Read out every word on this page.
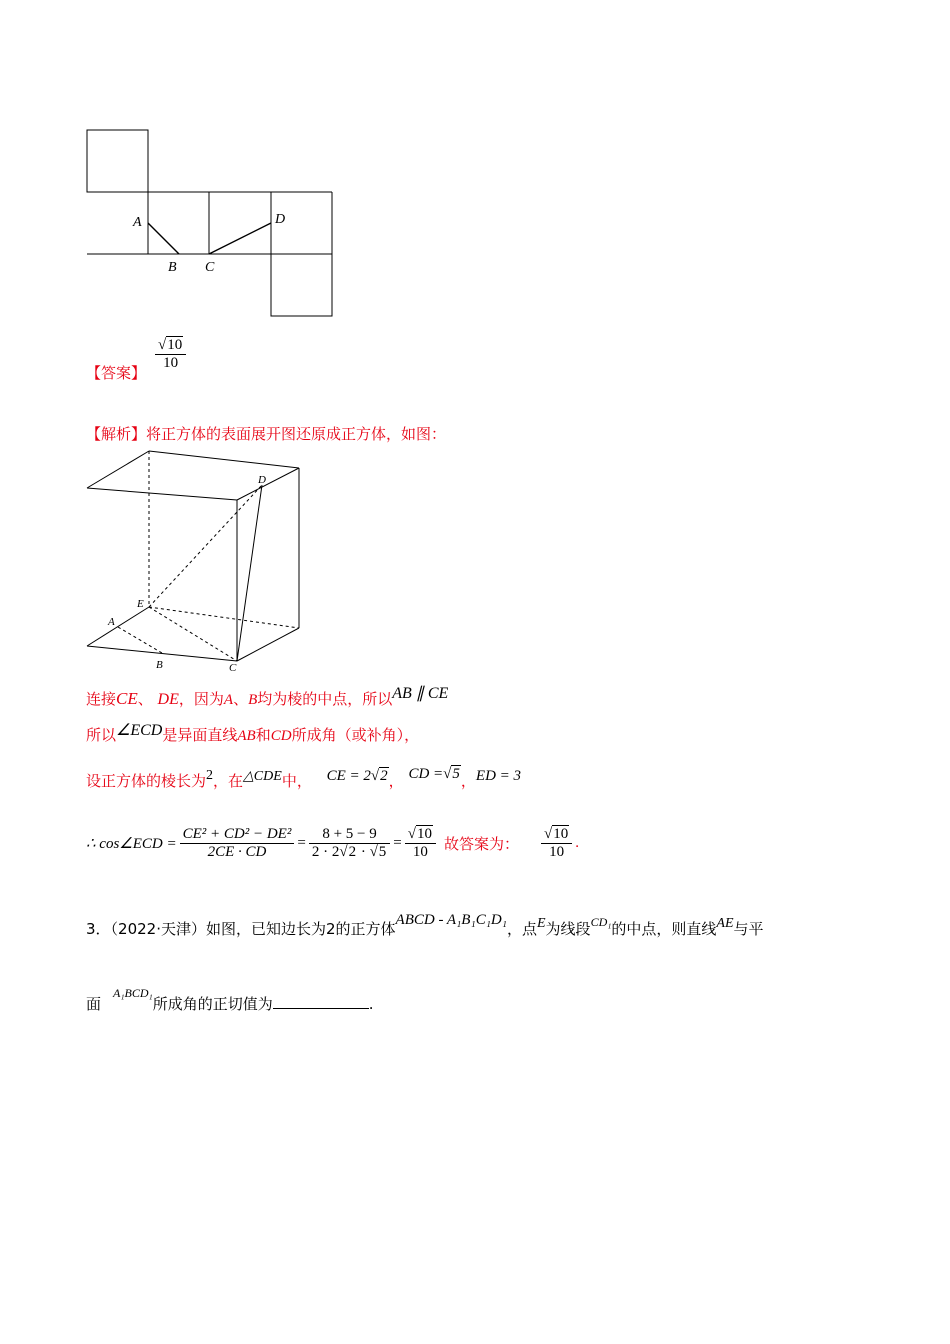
A
B C
D
【答案】
$\frac{√10}{10}$
【解析】将正方体的表面展开图还原成正方体，如图：
D
E
A
B	C
连接CE、 DE，因为A、B均为棱的中点，所以AB ∥ CE
所以∠ECD是异面直线AB和CD所成角（或补角），
设正方体的棱长为2，在△CDE中， CE = 2√2， CD =√5，ED = 3
∴ cos∠ECD = $\frac{\text{CE² + CD² − DE²}}{2CE \cdot CD} = \frac{8 + 5 - 9}{2 \cdot 2√2 \cdot √5} = \frac{√10}{10}$ 故答案为： $\frac{√10}{10}$ .
3．（2022·天津）如图，已知边长为2的正方体ABCD - A₁B₁C₁D₁，点E为线段$^{CD_1}$的中点，则直线AE与平
面$^{A_1BCD_1}$所成角的正切值为	.
